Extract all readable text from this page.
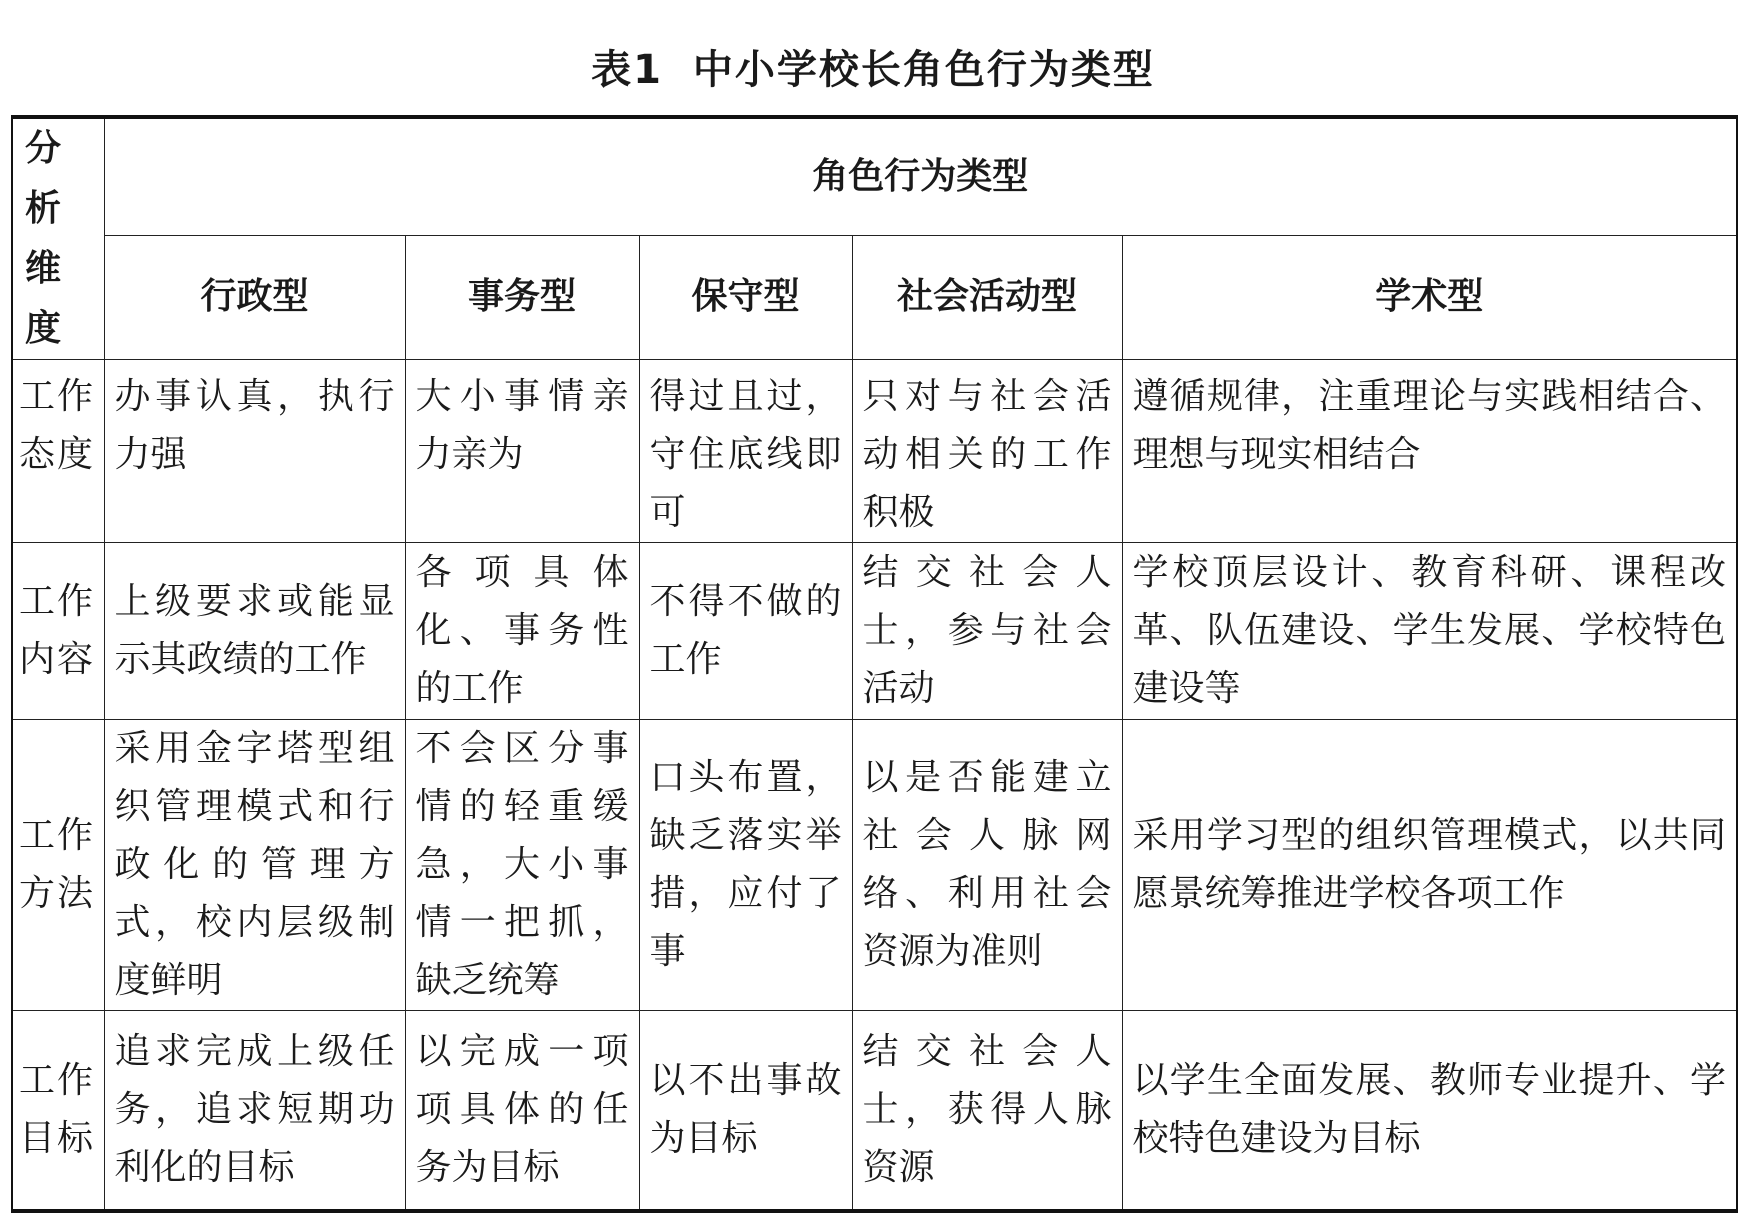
表1 中小学校长角色行为类型
分析维度	角色行为类型				
	行政型	事务型	保守型	社会活动型	学术型
工作态度	办事认真，执行力强	大小事情亲力亲为	得过且过，守住底线即可	只对与社会活动相关的工作积极	遵循规律，注重理论与实践相结合、理想与现实相结合
工作内容	上级要求或能显示其政绩的工作	各项具体化、事务性的工作	不得不做的工作	结交社会人士，参与社会活动	学校顶层设计、教育科研、课程改革、队伍建设、学生发展、学校特色建设等
工作方法	采用金字塔型组织管理模式和行政化的管理方式，校内层级制度鲜明	不会区分事情的轻重缓急，大小事情一把抓，缺乏统筹	口头布置，缺乏落实举措，应付了事	以是否能建立社会人脉网络、利用社会资源为准则	采用学习型的组织管理模式，以共同愿景统筹推进学校各项工作
工作目标	追求完成上级任务，追求短期功利化的目标	以完成一项项具体的任务为目标	以不出事故为目标	结交社会人士，获得人脉资源	以学生全面发展、教师专业提升、学校特色建设为目标
